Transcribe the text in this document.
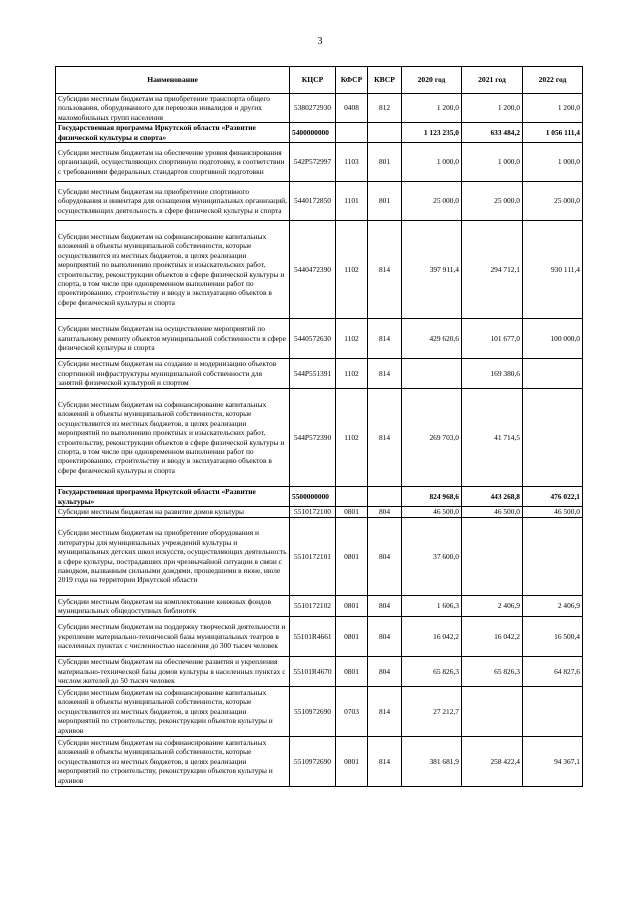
3
Наименование	КЦСР	КФСР	КВСР	2020 год	2021 год	2022 год
Субсидии местным бюджетам на приобретение транспорта общего пользования, оборудованного для перевозки инвалидов и других маломобильных групп населения	5380272930	0408	812	1 200,0	1 200,0	1 200,0
Государственная программа Иркутской области «Развитие физической культуры и спорта»	5400000000			1 123 235,0	633 484,2	1 056 111,4
Субсидии местным бюджетам на обеспечение уровня финансирования организаций, осуществляющих спортивную подготовку, в соответствии с требованиями федеральных стандартов спортивной подготовки	542P572997	1103	801	1 000,0	1 000,0	1 000,0
Субсидии местным бюджетам на приобретение спортивного оборудования и инвентаря для оснащения муниципальных организаций, осуществляющих деятельность в сфере физической культуры и спорта	5440172850	1101	801	25 000,0	25 000,0	25 000,0
Субсидии местным бюджетам на софинансирование капитальных вложений в объекты муниципальной собственности, которые осуществляются из местных бюджетов, в целях реализации мероприятий по выполнению проектных и изыскательских работ, строительству, реконструкции объектов в сфере физической культуры и спорта, в том числе при одновременном выполнении работ по проектированию, строительству и вводу в эксплуатацию объектов в сфере физической культуры и спорта	5440472390	1102	814	397 911,4	294 712,1	930 111,4
Субсидии местным бюджетам на осуществление мероприятий по капитальному ремонту объектов муниципальной собственности в сфере физической культуры и спорта	5440572630	1102	814	429 620,6	101 677,0	100 000,0
Субсидии местным бюджетам на создание и модернизацию объектов спортивной инфраструктуры муниципальной собственности для занятий физической культурой и спортом	544P551391	1102	814		169 380,6	
Субсидии местным бюджетам на софинансирование капитальных вложений в объекты муниципальной собственности, которые осуществляются из местных бюджетов, в целях реализации мероприятий по выполнению проектных и изыскательских работ, строительству, реконструкции объектов в сфере физической культуры и спорта, в том числе при одновременном выполнении работ по проектированию, строительству и вводу в эксплуатацию объектов в сфере физической культуры и спорта	544P572390	1102	814	269 703,0	41 714,5	
Государственная программа Иркутской области «Развитие культуры»	5500000000			824 968,6	443 268,8	476 022,1
Субсидии местным бюджетам на развитие домов культуры	5510172100	0801	804	46 500,0	46 500,0	46 500,0
Субсидии местным бюджетам на приобретение оборудования и литературы для муниципальных учреждений культуры и муниципальных детских школ искусств, осуществляющих деятельность в сфере культуры, пострадавших при чрезвычайной ситуации в связи с паводком, вызванным сильными дождями, прошедшими в июне, июле 2019 года на территории Иркутской области	5510172101	0801	804	37 600,0		
Субсидии местным бюджетам на комплектование книжных фондов муниципальных общедоступных библиотек	5510172102	0801	804	1 606,3	2 406,9	2 406,9
Субсидии местным бюджетам на поддержку творческой деятельности и укрепление материально-технической базы муниципальных театров в населенных пунктах с численностью населения до 300 тысяч человек	55101R4661	0801	804	16 042,2	16 042,2	16 500,4
Субсидии местным бюджетам на обеспечение развития и укрепления материально-технической базы домов культуры в населенных пунктах с числом жителей до 50 тысяч человек	55101R4670	0801	804	65 826,3	65 826,3	64 827,6
Субсидии местным бюджетам на софинансирование капитальных вложений в объекты муниципальной собственности, которые осуществляются из местных бюджетов, в целях реализации мероприятий по строительству, реконструкции объектов культуры и архивов	5510972690	0703	814	27 212,7		
Субсидии местным бюджетам на софинансирование капитальных вложений в объекты муниципальной собственности, которые осуществляются из местных бюджетов, в целях реализации мероприятий по строительству, реконструкции объектов культуры и архивов	5510972690	0801	814	381 681,9	258 422,4	94 367,1
